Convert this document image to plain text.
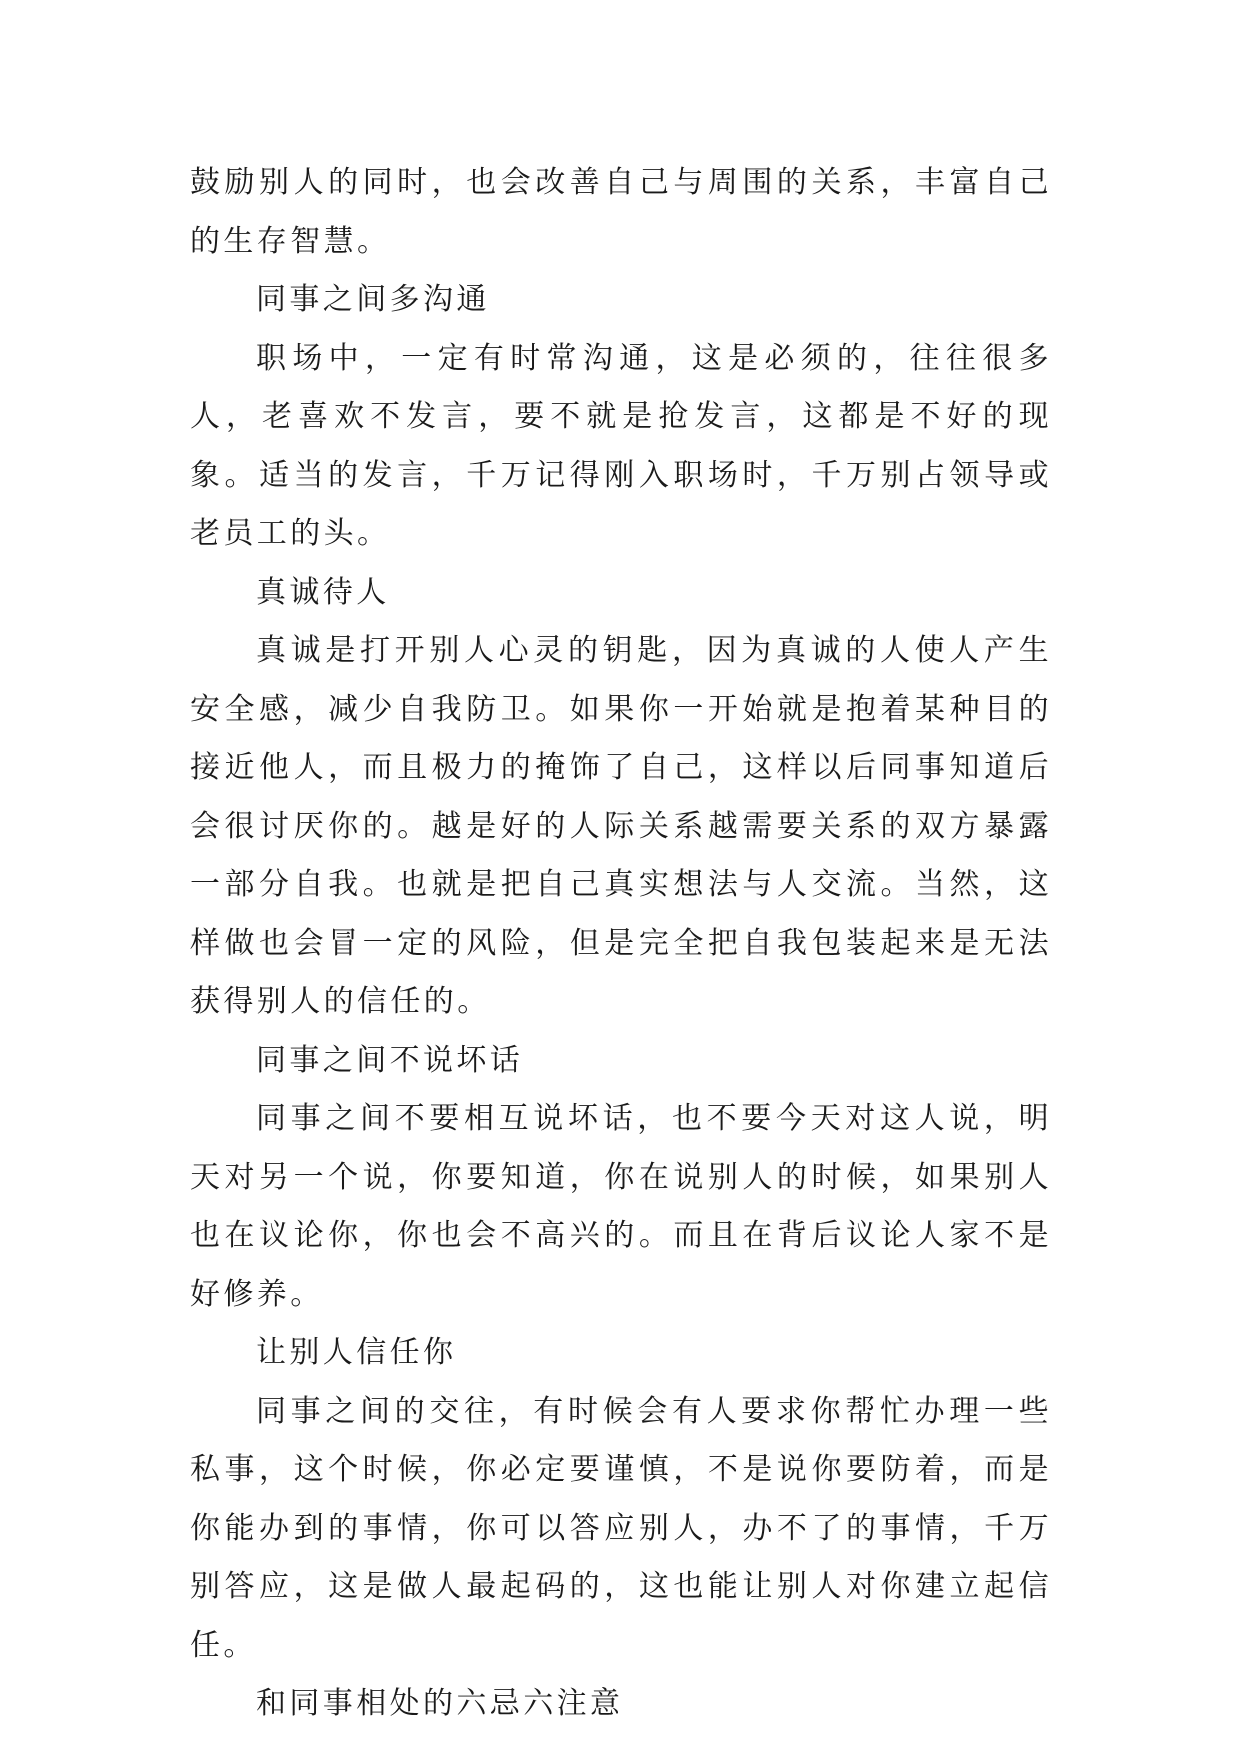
鼓励别人的同时，也会改善自己与周围的关系，丰富自己的生存智慧。

同事之间多沟通

职场中，一定有时常沟通，这是必须的，往往很多人，老喜欢不发言，要不就是抢发言，这都是不好的现象。适当的发言，千万记得刚入职场时，千万别占领导或老员工的头。

真诚待人

真诚是打开别人心灵的钥匙，因为真诚的人使人产生安全感，减少自我防卫。如果你一开始就是抱着某种目的接近他人，而且极力的掩饰了自己，这样以后同事知道后会很讨厌你的。越是好的人际关系越需要关系的双方暴露一部分自我。也就是把自己真实想法与人交流。当然，这样做也会冒一定的风险，但是完全把自我包装起来是无法获得别人的信任的。

同事之间不说坏话

同事之间不要相互说坏话，也不要今天对这人说，明天对另一个说，你要知道，你在说别人的时候，如果别人也在议论你，你也会不高兴的。而且在背后议论人家不是好修养。

让别人信任你

同事之间的交往，有时候会有人要求你帮忙办理一些私事，这个时候，你必定要谨慎，不是说你要防着，而是你能办到的事情，你可以答应别人，办不了的事情，千万别答应，这是做人最起码的，这也能让别人对你建立起信任。

和同事相处的六忌六注意
